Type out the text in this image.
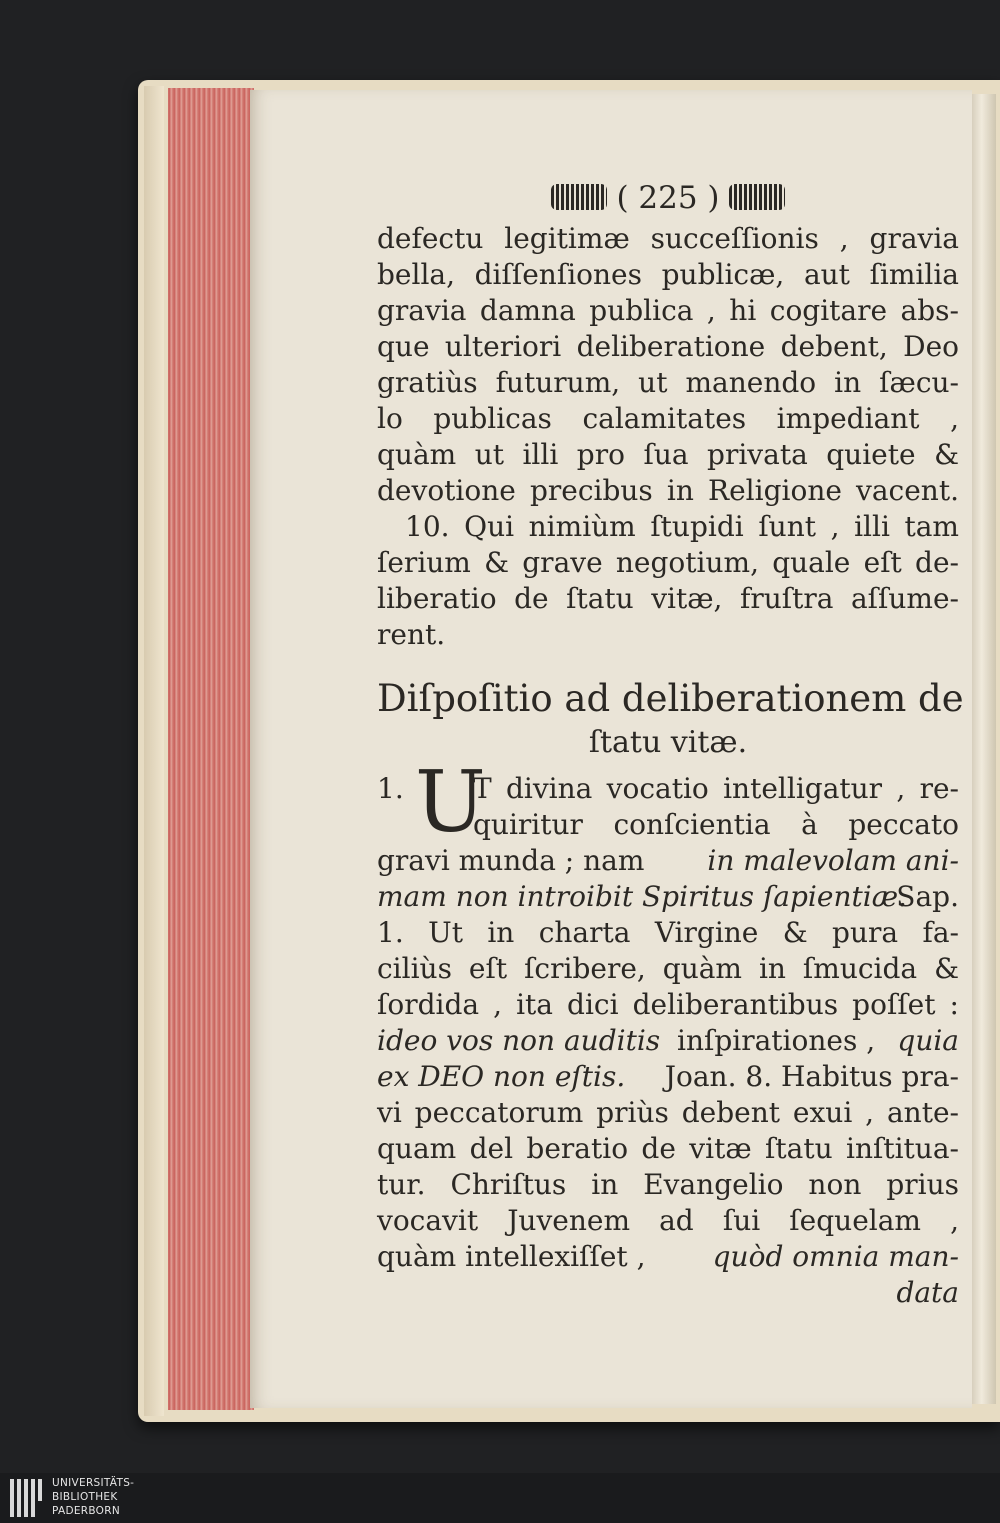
( 225 )
defectu legitimæ succeſſionis , gravia
bella, diſſenſiones publicæ, aut ſimilia
gravia damna publica , hi cogitare abs-
que ulteriori deliberatione debent, Deo
gratiùs futurum, ut manendo in ſæcu-
lo publicas calamitates impediant ,
quàm ut illi pro ſua privata quiete &
devotione precibus in Religione vacent.
10. Qui nimiùm ſtupidi ſunt , illi tam
ſerium & grave negotium, quale eſt de-
liberatio de ſtatu vitæ, fruſtra aſſume-
rent.
Diſpoſitio ad deliberationem de
ſtatu vitæ.
1. U
T divina vocatio intelligatur , re-
quiritur conſcientia à peccato
gravi munda ; nam in malevolam ani-
mam non introibit Spiritus ſapientiæ.
Sap.
1. Ut in charta Virgine & pura fa-
ciliùs eſt ſcribere, quàm in ſmucida &
ſordida , ita dici deliberantibus poſſet :
ideo vos non auditis inſpirationes , quia
ex DEO non eſtis. Joan. 8. Habitus pra-
vi peccatorum priùs debent exui , ante-
quam del beratio de vitæ ſtatu inſtitua-
tur. Chriſtus in Evangelio non prius
vocavit Juvenem ad ſui ſequelam ,
quàm intellexiſſet , quòd omnia man-
data
UNIVERSITÄTS-
BIBLIOTHEK
PADERBORN
